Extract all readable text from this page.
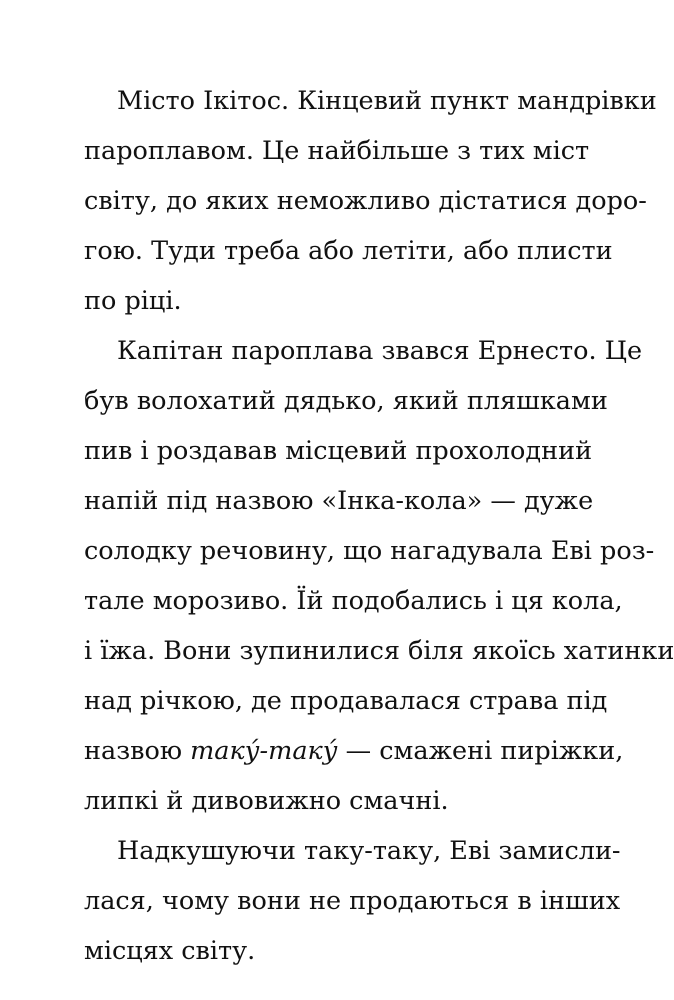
Місто Ікітос. Кінцевий пункт мандрівки
пароплавом. Це найбільше з тих міст
світу, до яких неможливо дістатися доро-
гою. Туди треба або летіти, або плисти
по ріці.
Капітан пароплава звався Ернесто. Це
був волохатий дядько, який пляшками
пив і роздавав місцевий прохолодний
напій під назвою «Інка-кола» — дуже
солодку речовину, що нагадувала Еві роз-
тале морозиво. Їй подобались і ця кола,
і їжа. Вони зупинилися біля якоїсь хатинки
над річкою, де продавалася страва під
назвою таку́-таку́ — смажені пиріжки,
липкі й дивовижно смачні.
Надкушуючи таку-таку, Еві замисли-
лася, чому вони не продаються в інших
місцях світу.
